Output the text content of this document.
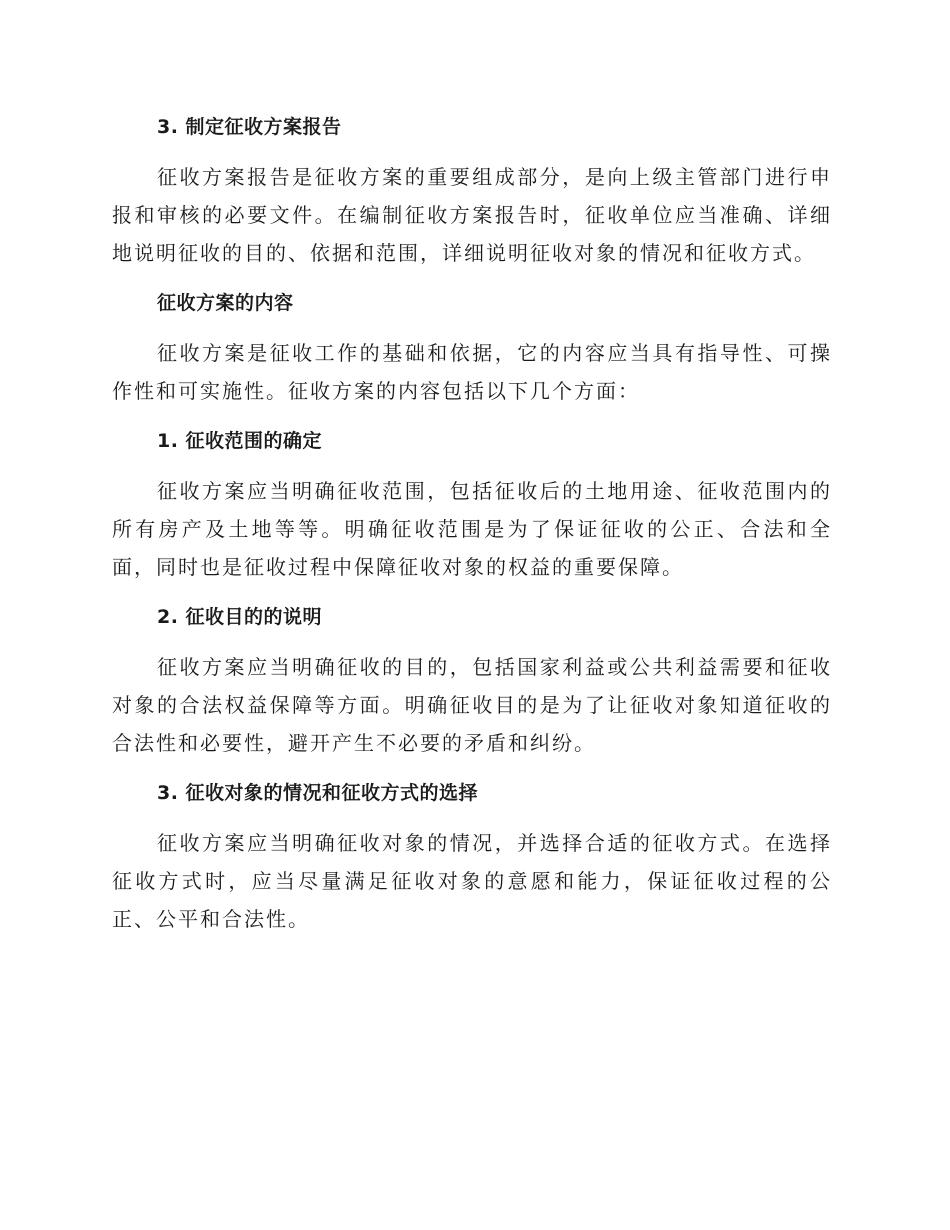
3. 制定征收方案报告

征收方案报告是征收方案的重要组成部分，是向上级主管部门进行申报和审核的必要文件。在编制征收方案报告时，征收单位应当准确、详细地说明征收的目的、依据和范围，详细说明征收对象的情况和征收方式。

征收方案的内容

征收方案是征收工作的基础和依据，它的内容应当具有指导性、可操作性和可实施性。征收方案的内容包括以下几个方面：

1. 征收范围的确定

征收方案应当明确征收范围，包括征收后的土地用途、征收范围内的所有房产及土地等等。明确征收范围是为了保证征收的公正、合法和全面，同时也是征收过程中保障征收对象的权益的重要保障。

2. 征收目的的说明

征收方案应当明确征收的目的，包括国家利益或公共利益需要和征收对象的合法权益保障等方面。明确征收目的是为了让征收对象知道征收的合法性和必要性，避开产生不必要的矛盾和纠纷。

3. 征收对象的情况和征收方式的选择

征收方案应当明确征收对象的情况，并选择合适的征收方式。在选择征收方式时，应当尽量满足征收对象的意愿和能力，保证征收过程的公正、公平和合法性。
